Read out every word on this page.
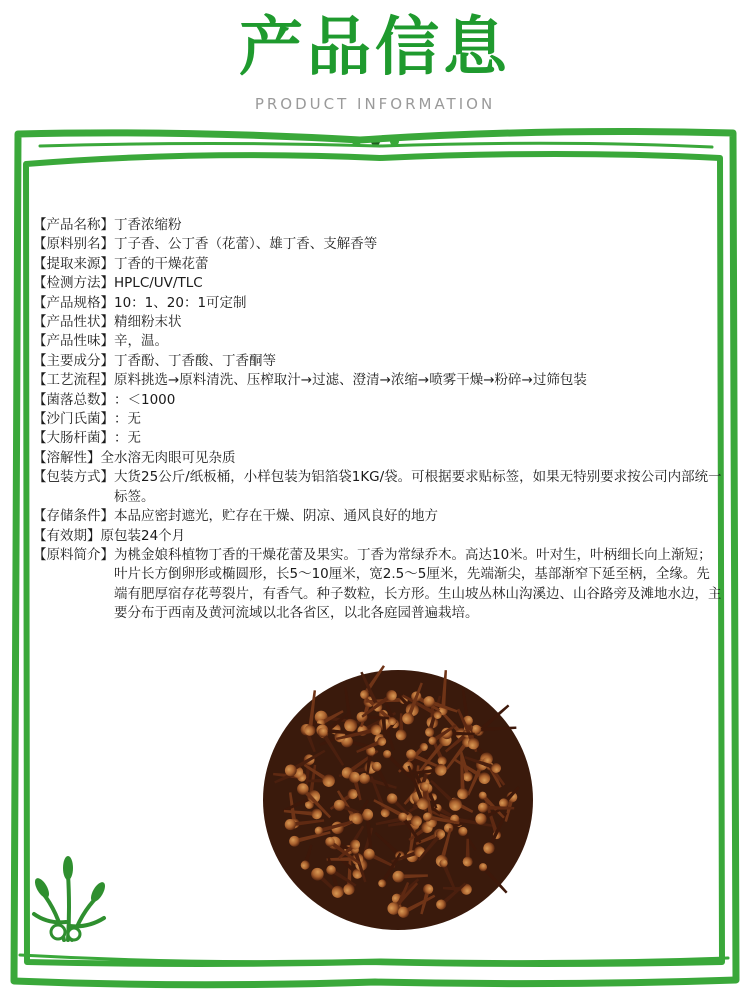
产品信息
PRODUCT INFORMATION
【产品名称】 丁香浓缩粉
【原料别名】 丁子香、公丁香（花蕾）、雄丁香、支解香等
【提取来源】 丁香的干燥花蕾
【检测方法】 HPLC/UV/TLC
【产品规格】 10：1、20：1可定制
【产品性状】 精细粉末状
【产品性味】 辛，温。
【主要成分】 丁香酚、丁香酸、丁香酮等
【工艺流程】 原料挑选→原料清洗、压榨取汁→过滤、澄清→浓缩→喷雾干燥→粉碎→过筛包装
【菌落总数】 ：＜1000
【沙门氏菌】 ：无
【大肠杆菌】 ：无
【溶解性】 全水溶无肉眼可见杂质
【包装方式】 大货25公斤/纸板桶，小样包装为铝箔袋1KG/袋。可根据要求贴标签，如果无特别要求按公司内部统一标签。
【存储条件】 本品应密封遮光，贮存在干燥、阴凉、通风良好的地方
【有效期】 原包装24个月
【原料简介】 为桃金娘科植物丁香的干燥花蕾及果实。丁香为常绿乔木。高达10米。叶对生，叶柄细长向上渐短；叶片长方倒卵形或椭圆形，长5～10厘米，宽2.5～5厘米，先端渐尖，基部渐窄下延至柄，全缘。先端有肥厚宿存花萼裂片，有香气。种子数粒，长方形。生山坡丛林山沟溪边、山谷路旁及滩地水边，主要分布于西南及黄河流域以北各省区，以北各庭园普遍栽培。
